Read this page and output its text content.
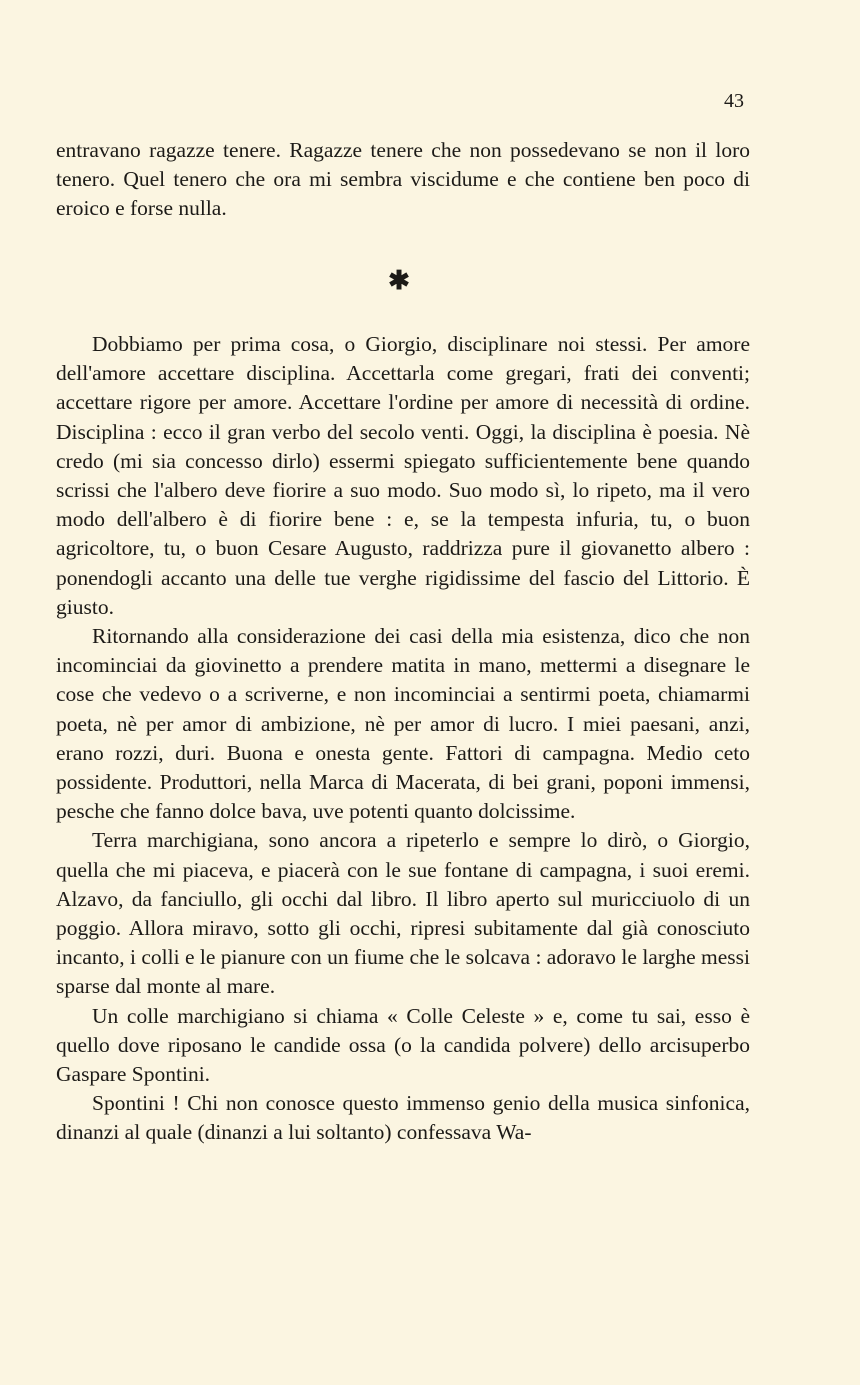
43

entravano ragazze tenere. Ragazze tenere che non possedevano se non il loro tenero. Quel tenero che ora mi sembra viscidume e che contiene ben poco di eroico e forse nulla.

✱

Dobbiamo per prima cosa, o Giorgio, disciplinare noi stessi. Per amore dell'amore accettare disciplina. Accettarla come gregari, frati dei conventi; accettare rigore per amore. Accettare l'ordine per amore di necessità di ordine. Disciplina : ecco il gran verbo del secolo venti. Oggi, la disciplina è poesia. Nè credo (mi sia concesso dirlo) essermi spiegato sufficientemente bene quando scrissi che l'albero deve fiorire a suo modo. Suo modo sì, lo ripeto, ma il vero modo dell'albero è di fiorire bene : e, se la tempesta infuria, tu, o buon agricoltore, tu, o buon Cesare Augusto, raddrizza pure il giovanetto albero : ponendogli accanto una delle tue verghe rigidissime del fascio del Littorio. È giusto.

Ritornando alla considerazione dei casi della mia esistenza, dico che non incominciai da giovinetto a prendere matita in mano, mettermi a disegnare le cose che vedevo o a scriverne, e non incominciai a sentirmi poeta, chiamarmi poeta, nè per amor di ambizione, nè per amor di lucro. I miei paesani, anzi, erano rozzi, duri. Buona e onesta gente. Fattori di campagna. Medio ceto possidente. Produttori, nella Marca di Macerata, di bei grani, poponi immensi, pesche che fanno dolce bava, uve potenti quanto dolcissime.

Terra marchigiana, sono ancora a ripeterlo e sempre lo dirò, o Giorgio, quella che mi piaceva, e piacerà con le sue fontane di campagna, i suoi eremi. Alzavo, da fanciullo, gli occhi dal libro. Il libro aperto sul muricciuolo di un poggio. Allora miravo, sotto gli occhi, ripresi subitamente dal già conosciuto incanto, i colli e le pianure con un fiume che le solcava : adoravo le larghe messi sparse dal monte al mare.

Un colle marchigiano si chiama « Colle Celeste » e, come tu sai, esso è quello dove riposano le candide ossa (o la candida polvere) dello arcisuperbo Gaspare Spontini.

Spontini ! Chi non conosce questo immenso genio della musica sinfonica, dinanzi al quale (dinanzi a lui soltanto) confessava Wa-
